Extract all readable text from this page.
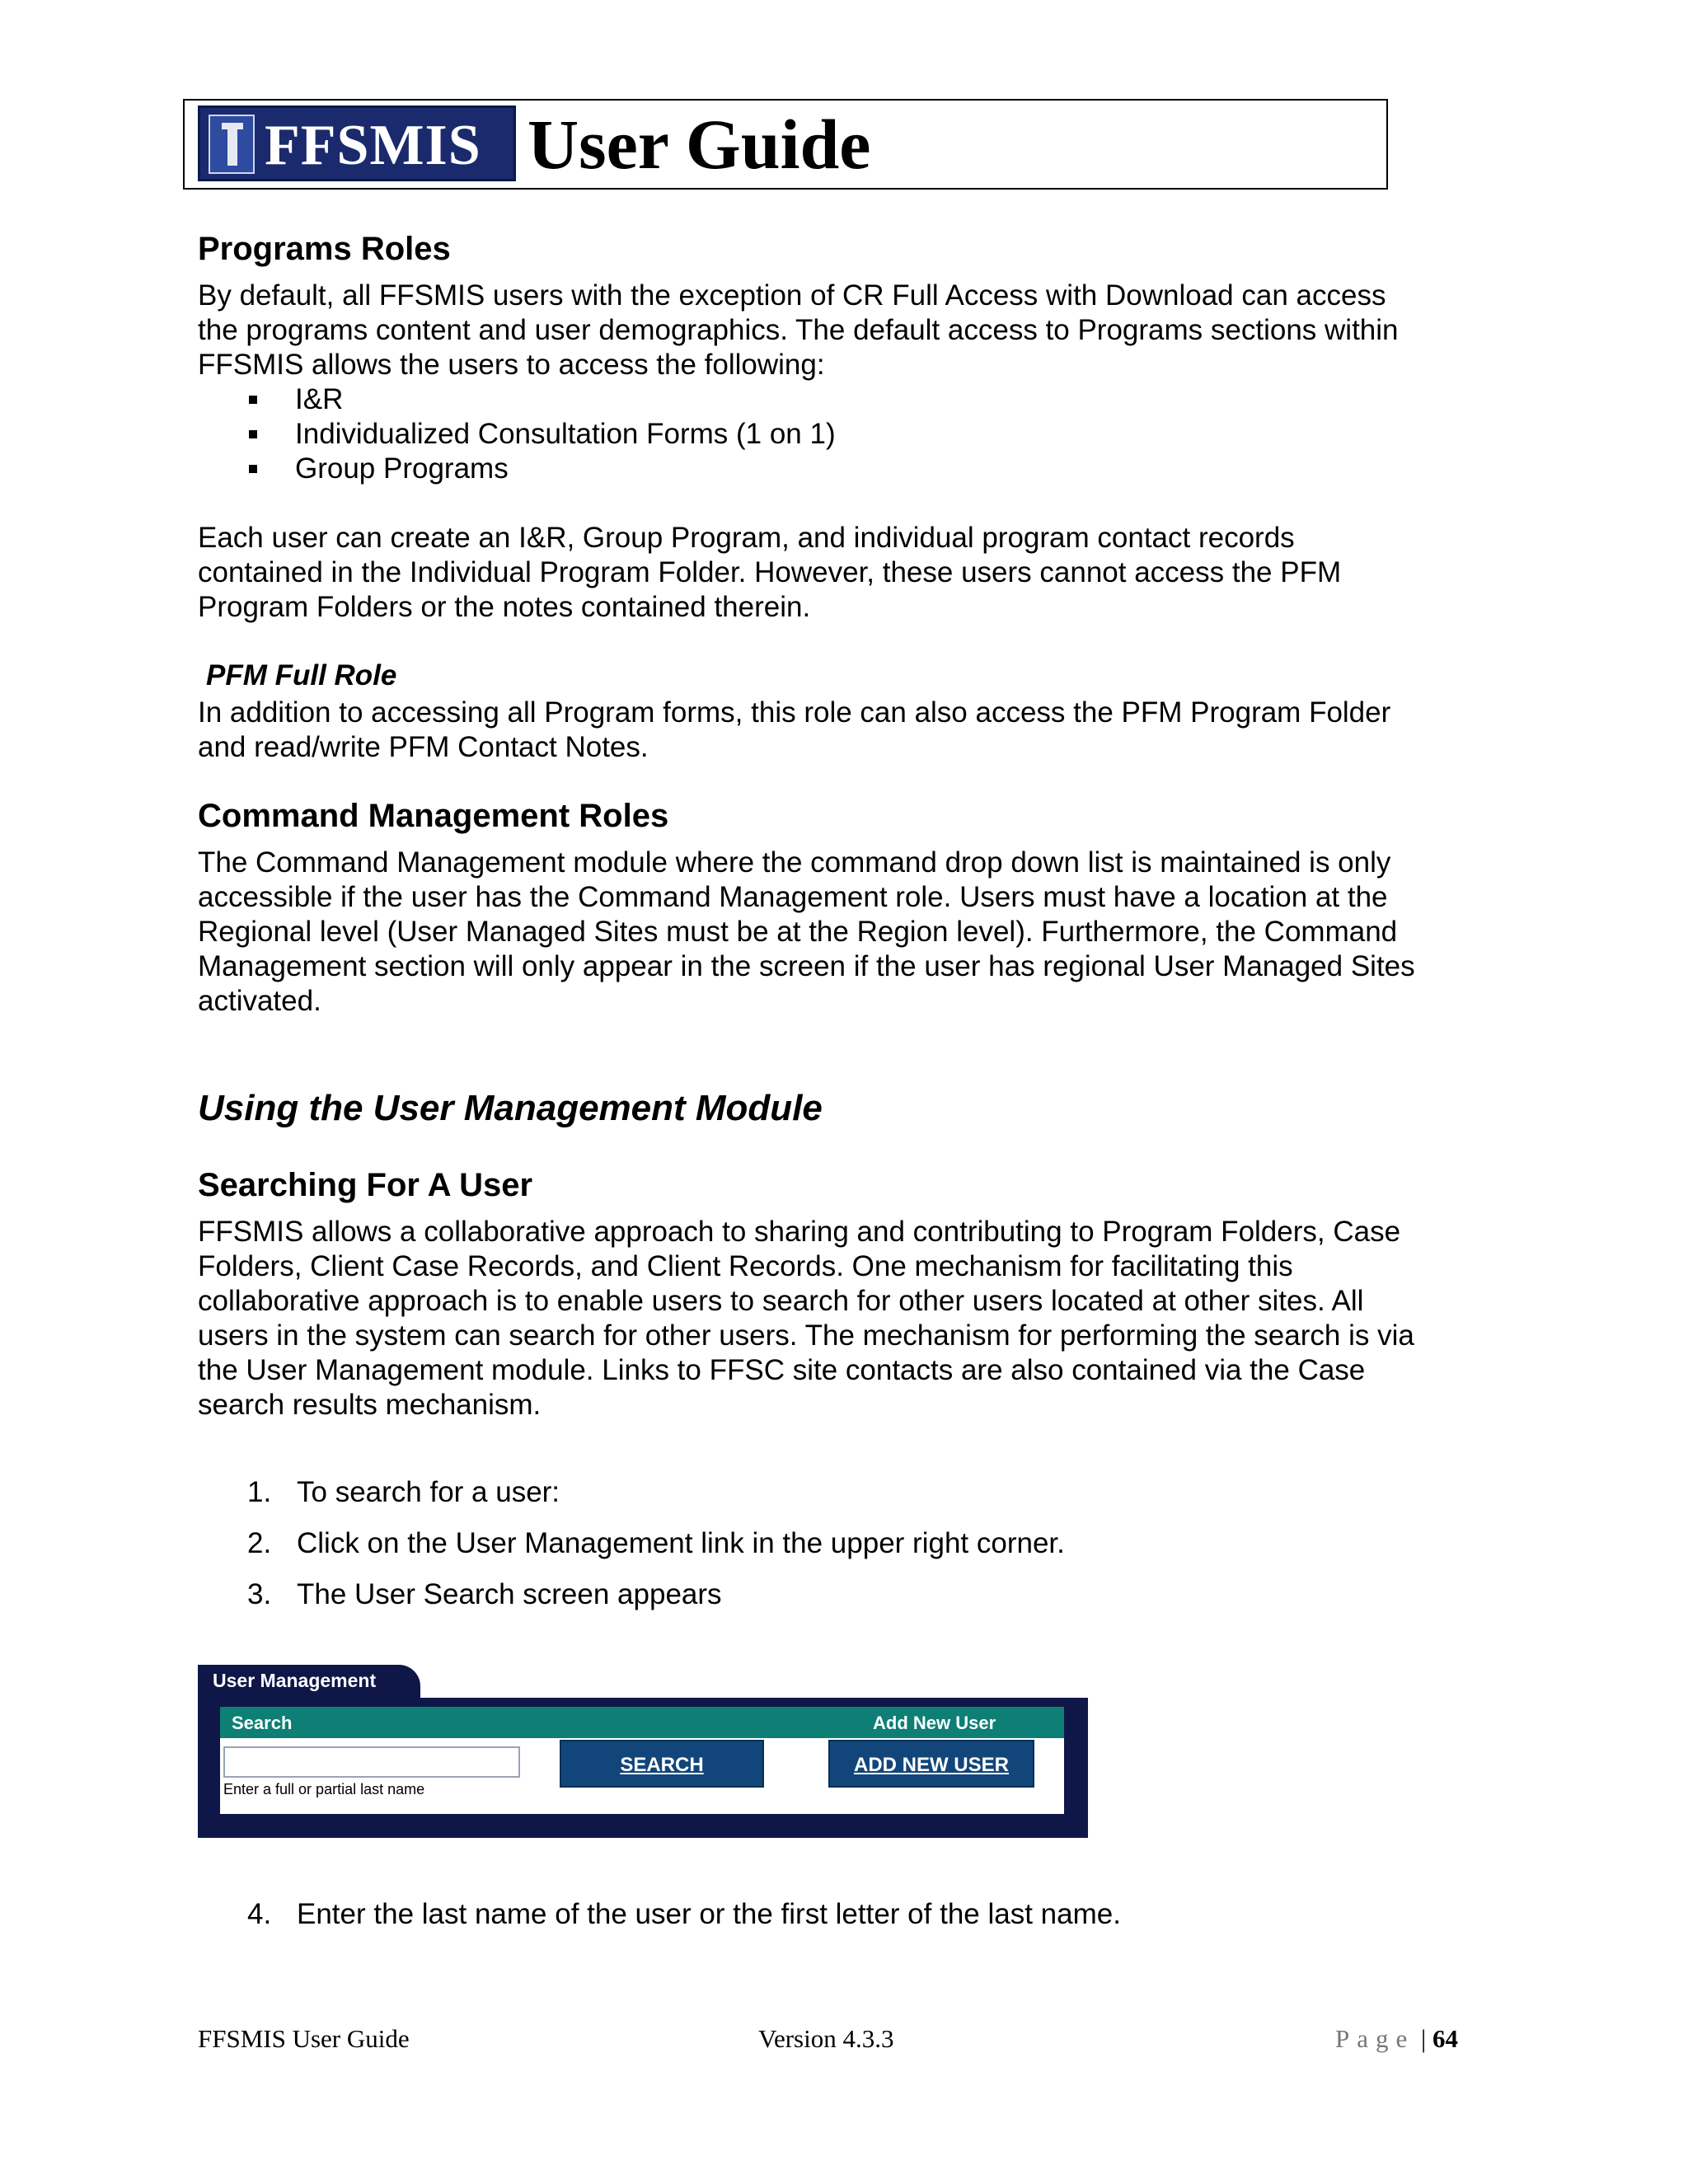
FFSMIS User Guide
Programs Roles

By default, all FFSMIS users with the exception of CR Full Access with Download can access

the programs content and user demographics. The default access to Programs sections within

FFSMIS allows the users to access the following:

I&R
Individualized Consultation Forms (1 on 1)
Group Programs

Each user can create an I&R, Group Program, and individual program contact records

contained in the Individual Program Folder. However, these users cannot access the PFM

Program Folders or the notes contained therein.

PFM Full Role

In addition to accessing all Program forms, this role can also access the PFM Program Folder

and read/write PFM Contact Notes.

Command Management Roles

The Command Management module where the command drop down list is maintained is only

accessible if the user has the Command Management role. Users must have a location at the

Regional level (User Managed Sites must be at the Region level). Furthermore, the Command

Management section will only appear in the screen if the user has regional User Managed Sites

activated.

Using the User Management Module
Searching For A User

FFSMIS allows a collaborative approach to sharing and contributing to Program Folders, Case

Folders, Client Case Records, and Client Records. One mechanism for facilitating this

collaborative approach is to enable users to search for other users located at other sites. All

users in the system can search for other users. The mechanism for performing the search is via

the User Management module. Links to FFSC site contacts are also contained via the Case

search results mechanism.

1. To search for a user:
2. Click on the User Management link in the upper right corner.
3. The User Search screen appears
User Management
Search	Add New User
Enter a full or partial last name
SEARCH	ADD NEW USER
4. Enter the last name of the user or the first letter of the last name.
FFSMIS User Guide	Version 4.3.3	Page | 64
